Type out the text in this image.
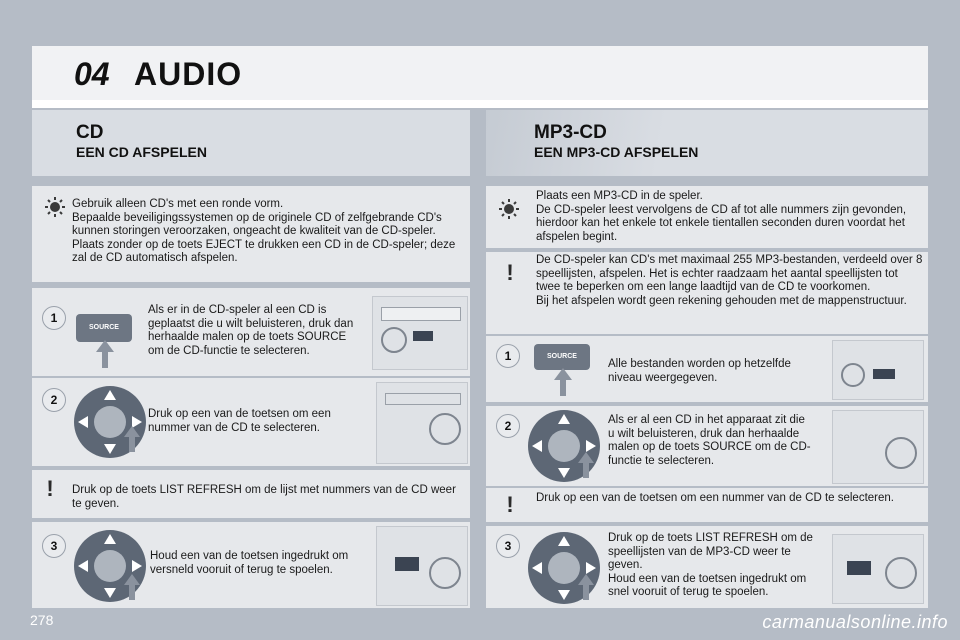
04 AUDIO
CD
EEN CD AFSPELEN
Gebruik alleen CD's met een ronde vorm.
Bepaalde beveiligingssystemen op de originele CD of zelfgebrande CD's kunnen storingen veroorzaken, ongeacht de kwaliteit van de CD-speler.
Plaats zonder op de toets EJECT te drukken een CD in de CD-speler; deze zal de CD automatisch afspelen.
1
SOURCE
Als er in de CD-speler al een CD is geplaatst die u wilt beluisteren, druk dan herhaalde malen op de toets SOURCE om de CD-functie te selecteren.
2
Druk op een van de toetsen om een nummer van de CD te selecteren.
!	Druk op de toets LIST REFRESH om de lijst met nummers van de CD weer te geven.
3
Houd een van de toetsen ingedrukt om versneld vooruit of terug te spoelen.
MP3-CD
EEN MP3-CD AFSPELEN
Plaats een MP3-CD in de speler.
De CD-speler leest vervolgens de CD af tot alle nummers zijn gevonden, hierdoor kan het enkele tot enkele tientallen seconden duren voordat het afspelen begint.
!	De CD-speler kan CD's met maximaal 255 MP3-bestanden, verdeeld over 8 speellijsten, afspelen. Het is echter raadzaam het aantal speellijsten tot twee te beperken om een lange laadtijd van de CD te voorkomen.
Bij het afspelen wordt geen rekening gehouden met de mappenstructuur.
1	SOURCE
Alle bestanden worden op hetzelfde niveau weergegeven.
2	Als er al een CD in het apparaat zit die u wilt beluisteren, druk dan herhaalde malen op de toets SOURCE om de CD-functie te selecteren.
!	Druk op een van de toetsen om een nummer van de CD te selecteren.
3
Druk op de toets LIST REFRESH om de speellijsten van de MP3-CD weer te geven.
Houd een van de toetsen ingedrukt om snel vooruit of terug te spoelen.
278	carmanualsonline.info
